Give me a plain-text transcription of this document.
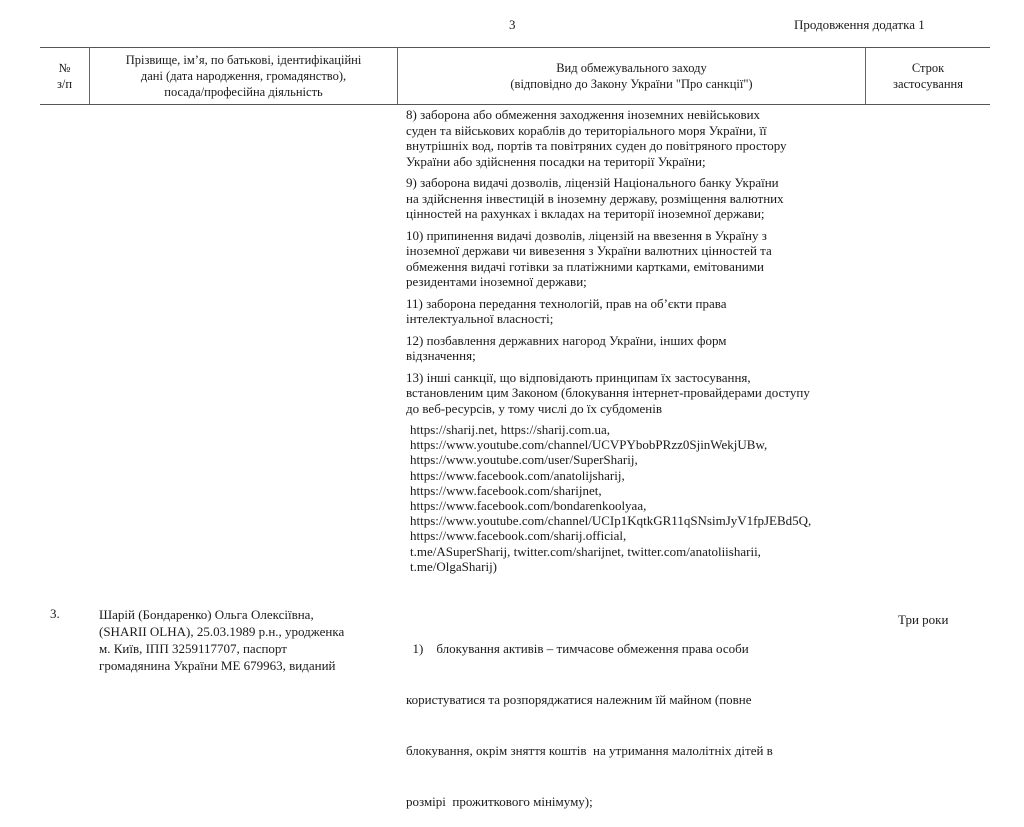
3	Продовження додатка 1
№
з/п
Прізвище, ім’я, по батькові, ідентифікаційні
дані (дата народження, громадянство),
посада/професійна діяльність
Вид обмежувального заходу
(відповідно до Закону України "Про санкції")
Строк
застосування
8) заборона або обмеження заходження іноземних невійськових
суден та військових кораблів до територіального моря України, її
внутрішніх вод, портів та повітряних суден до повітряного простору
України або здійснення посадки на території України;
9) заборона видачі дозволів, ліцензій Національного банку України
на здійснення інвестицій в іноземну державу, розміщення валютних
цінностей на рахунках і вкладах на території іноземної держави;
10) припинення видачі дозволів, ліцензій на ввезення в Україну з
іноземної держави чи вивезення з України валютних цінностей та
обмеження видачі готівки за платіжними картками, емітованими
резидентами іноземної держави;
11) заборона передання технологій, прав на об’єкти права
інтелектуальної власності;
12) позбавлення державних нагород України, інших форм
відзначення;
13) інші санкції, що відповідають принципам їх застосування,
встановленим цим Законом (блокування інтернет-провайдерами доступу
до веб-ресурсів, у тому числі до їх субдоменів
https://sharij.net, https://sharij.com.ua,
https://www.youtube.com/channel/UCVPYbobPRzz0SjinWekjUBw,
https://www.youtube.com/user/SuperSharij,
https://www.facebook.com/anatolijsharij,
https://www.facebook.com/sharijnet,
https://www.facebook.com/bondarenkoolyaa,
https://www.youtube.com/channel/UCIp1KqtkGR11qSNsimJyV1fpJEBd5Q,
https://www.facebook.com/sharij.official,
t.me/ASuperSharij, twitter.com/sharijnet, twitter.com/anatoliisharii,
t.me/OlgaSharij)
3.	Шарій (Бондаренко) Ольга Олексіївна,
(SHARII OLHA), 25.03.1989 р.н., уродженка
м. Київ, ІПП 3259117707, паспорт
громадянина України МЕ 679963, виданий

1)    блокування активів – тимчасове обмеження права особи

користуватися та розпоряджатися належним їй майном (повне

блокування, окрім зняття коштів  на утримання малолітніх дітей в

розмірі  прожиткового мінімуму);

Три роки
